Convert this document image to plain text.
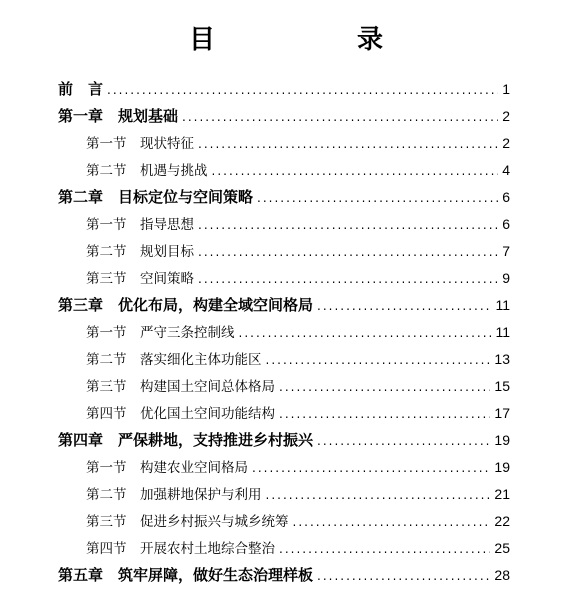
目　　录
前　言 .....	1
第一章　规划基础 .....	2
第一节　现状特征 .....	2
第二节　机遇与挑战 .....	4
第二章　目标定位与空间策略 .....	6
第一节　指导思想 .....	6
第二节　规划目标 .....	7
第三节　空间策略 .....	9
第三章　优化布局，构建全域空间格局 .....	11
第一节　严守三条控制线 .....	11
第二节　落实细化主体功能区 .....	13
第三节　构建国土空间总体格局 .....	15
第四节　优化国土空间功能结构 .....	17
第四章　严保耕地，支持推进乡村振兴 .....	19
第一节　构建农业空间格局 .....	19
第二节　加强耕地保护与利用 .....	21
第三节　促进乡村振兴与城乡统筹 .....	22
第四节　开展农村土地综合整治 .....	25
第五章　筑牢屏障，做好生态治理样板 .....	28
